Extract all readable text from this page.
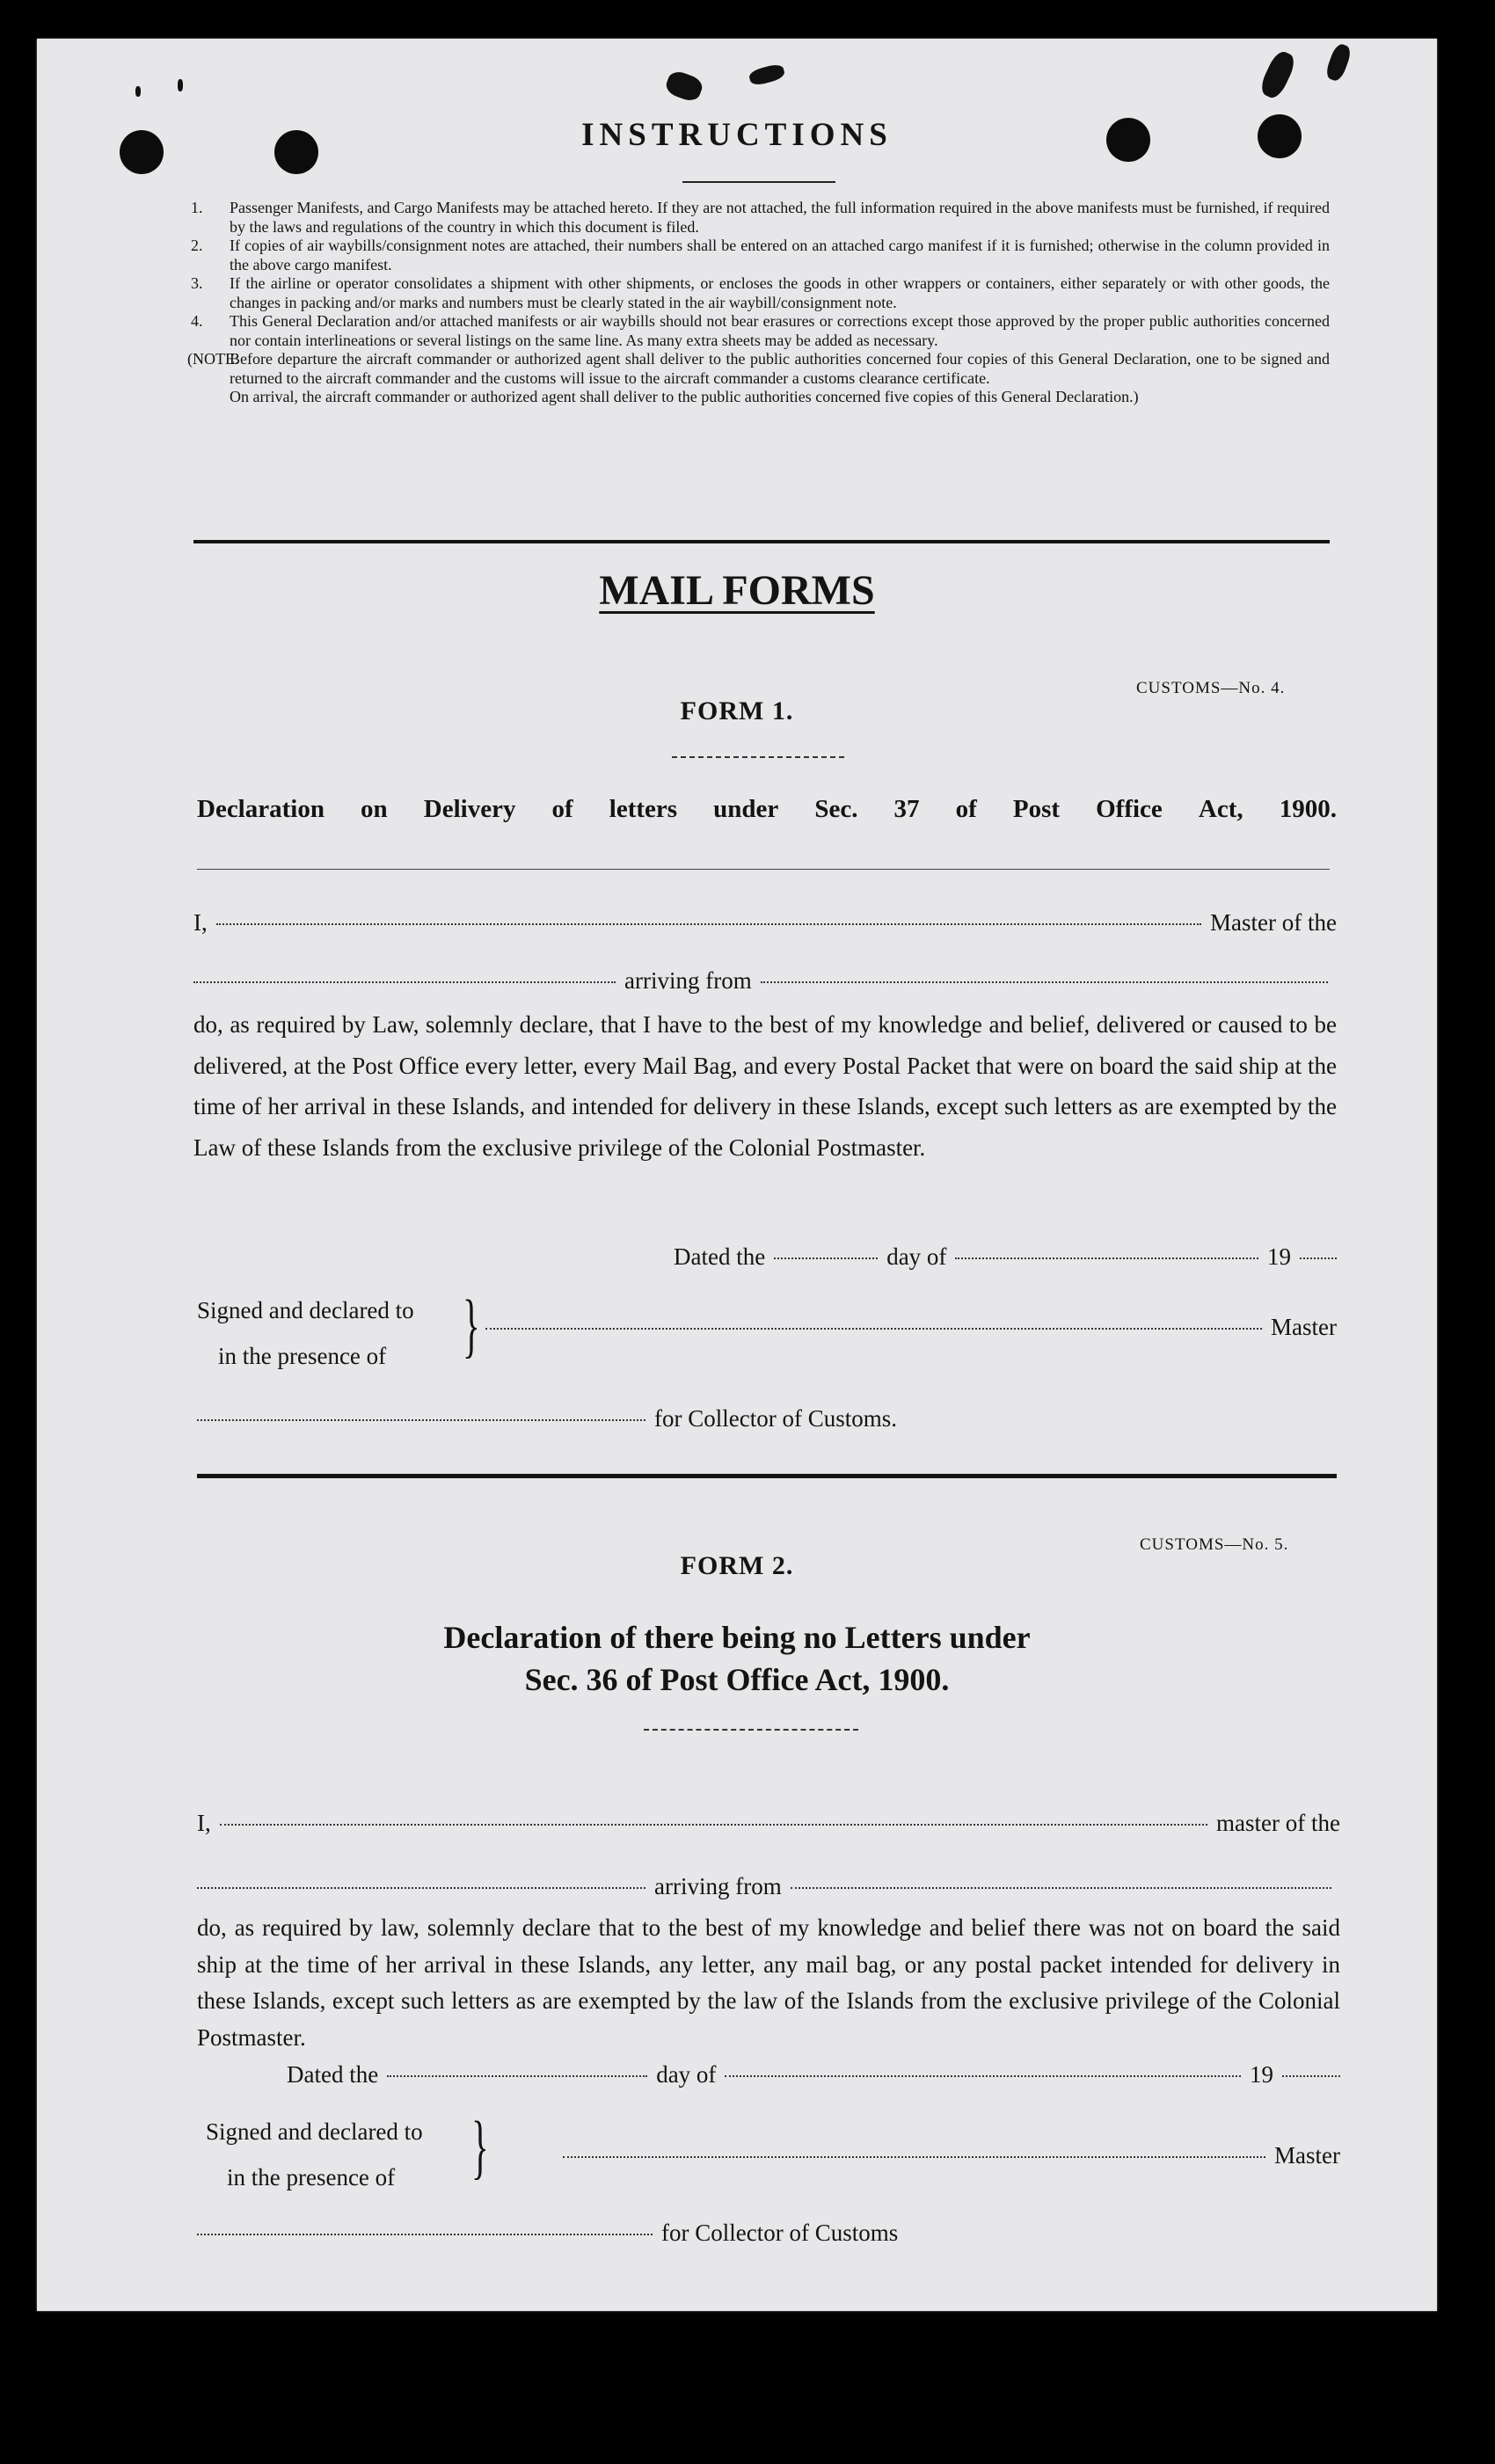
INSTRUCTIONS
1.	Passenger Manifests, and Cargo Manifests may be attached hereto. If they are not attached, the full information required in the above manifests must be furnished, if required by the laws and regulations of the country in which this document is filed.
2.	If copies of air waybills/consignment notes are attached, their numbers shall be entered on an attached cargo manifest if it is furnished; otherwise in the column provided in the above cargo manifest.
3.	If the airline or operator consolidates a shipment with other shipments, or encloses the goods in other wrappers or containers, either separately or with other goods, the changes in packing and/or marks and numbers must be clearly stated in the air waybill/consignment note.
4.	This General Declaration and/or attached manifests or air waybills should not bear erasures or corrections except those approved by the proper public authorities concerned nor contain interlineations or several listings on the same line. As many extra sheets may be added as necessary.
(NOTE:
Before departure the aircraft commander or authorized agent shall deliver to the public authorities concerned four copies of this General Declaration, one to be signed and returned to the aircraft commander and the customs will issue to the aircraft commander a customs clearance certificate.
On arrival, the aircraft commander or authorized agent shall deliver to the public authorities concerned five copies of this General Declaration.)
MAIL FORMS
CUSTOMS—No. 4.
FORM 1.
Declaration on Delivery of letters under Sec. 37 of Post Office Act, 1900.
I,	Master of the
arriving from
do, as required by Law, solemnly declare, that I have to the best of my knowledge and belief, delivered or caused to be delivered, at the Post Office every letter, every Mail Bag, and every Postal Packet that were on board the said ship at the time of her arrival in these Islands, and intended for delivery in these Islands, except such letters as are exempted by the Law of these Islands from the exclusive privilege of the Colonial Postmaster.
Dated the	day of	19
Signed and declared to
in the presence of	}	Master
for Collector of Customs.
CUSTOMS—No. 5.
FORM 2.
Declaration of there being no Letters under
Sec. 36 of Post Office Act, 1900.
I,	master of the
arriving from
do, as required by law, solemnly declare that to the best of my knowledge and belief there was not on board the said ship at the time of her arrival in these Islands, any letter, any mail bag, or any postal packet intended for delivery in these Islands, except such letters as are exempted by the law of the Islands from the exclusive privilege of the Colonial Postmaster.
Dated the	day of	19
Signed and declared to
in the presence of	}	Master
for Collector of Customs
